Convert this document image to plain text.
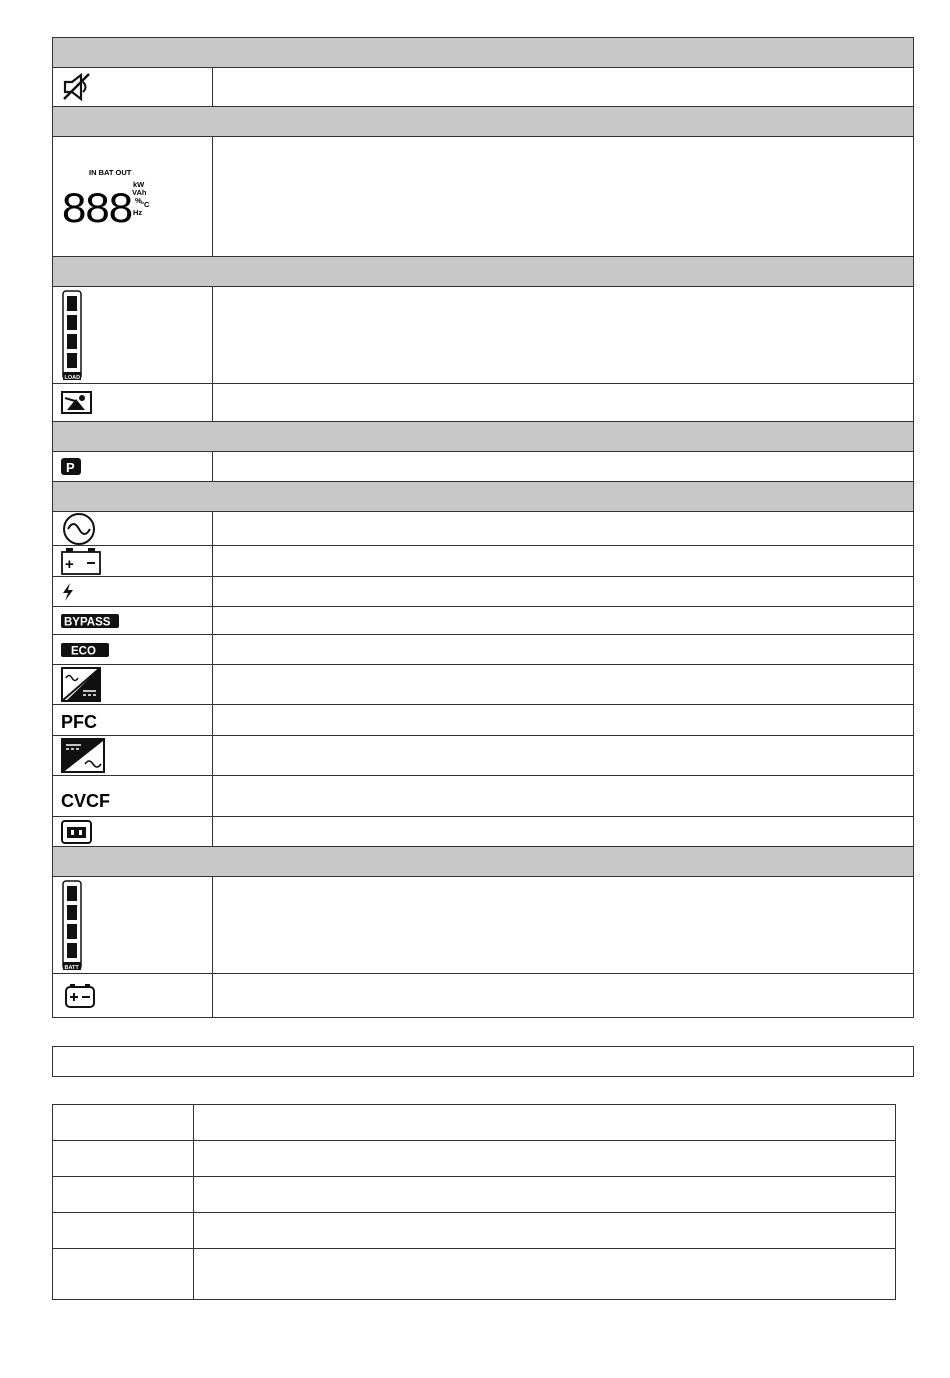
IN BAT OUT
888
kW
VAh
% °C
Hz
LOAD
P
+
BYPASS
ECO
PFC
CVCF
BATT
